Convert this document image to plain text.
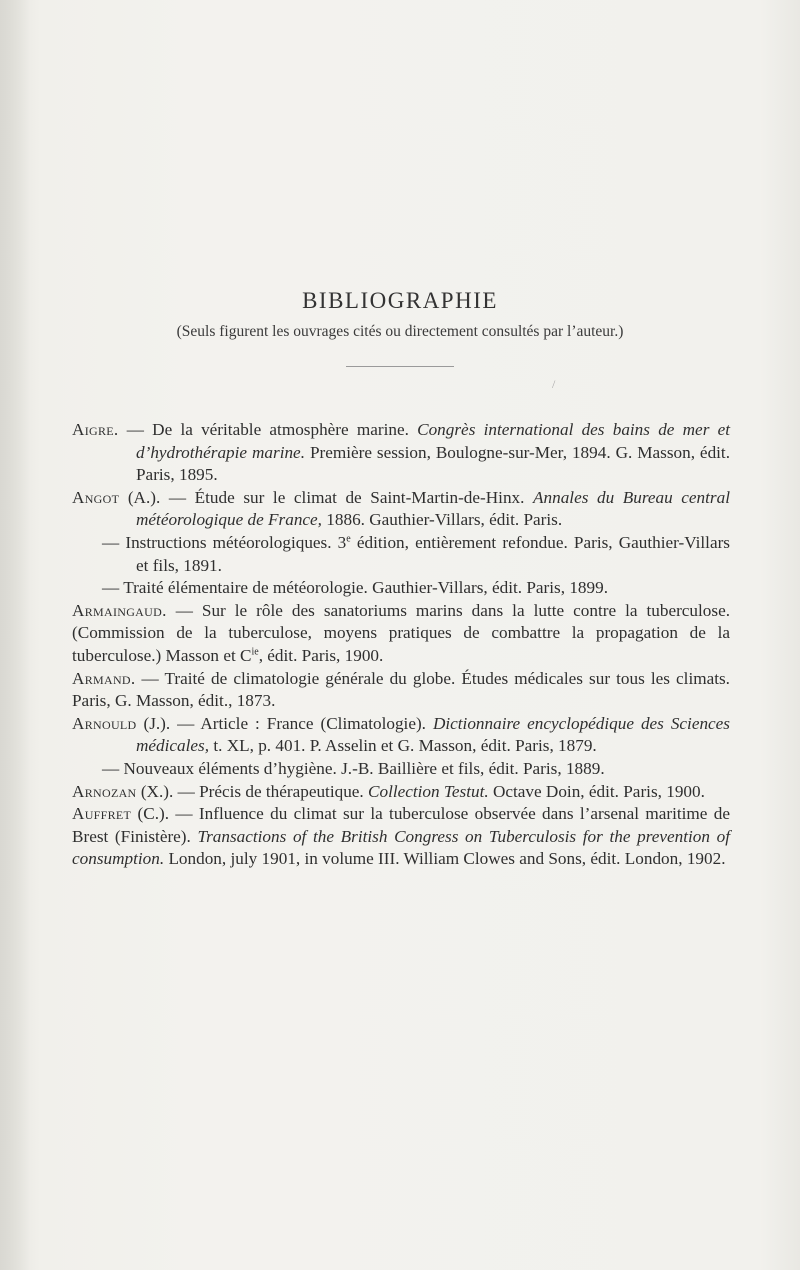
BIBLIOGRAPHIE
(Seuls figurent les ouvrages cités ou directement consultés par l’auteur.)
/
Aigre. — De la véritable atmosphère marine. Congrès international des bains de mer et d’hydrothérapie marine. Première session, Boulogne-sur-Mer, 1894. G. Masson, édit. Paris, 1895.
Angot (A.). — Étude sur le climat de Saint-Martin-de-Hinx. Annales du Bureau central météorologique de France, 1886. Gauthier-Villars, édit. Paris.
— Instructions météorologiques. 3e édition, entièrement refondue. Paris, Gauthier-Villars et fils, 1891.
— Traité élémentaire de météorologie. Gauthier-Villars, édit. Paris, 1899.
Armaingaud. — Sur le rôle des sanatoriums marins dans la lutte contre la tuberculose. (Commission de la tuberculose, moyens pratiques de combattre la propagation de la tuberculose.) Masson et $C^{ie}$, édit. Paris, 1900.
Armand. — Traité de climatologie générale du globe. Études médicales sur tous les climats. Paris, G. Masson, édit., 1873.
Arnould (J.). — Article : France (Climatologie). Dictionnaire encyclopédique des Sciences médicales, t. XL, p. 401. P. Asselin et G. Masson, édit. Paris, 1879.
— Nouveaux éléments d’hygiène. J.-B. Baillière et fils, édit. Paris, 1889.
Arnozan (X.). — Précis de thérapeutique. Collection Testut. Octave Doin, édit. Paris, 1900.
Auffret (C.). — Influence du climat sur la tuberculose observée dans l’arsenal maritime de Brest (Finistère). Transactions of the British Congress on Tuberculosis for the prevention of consumption. London, july 1901, in volume III. William Clowes and Sons, édit. London, 1902.
